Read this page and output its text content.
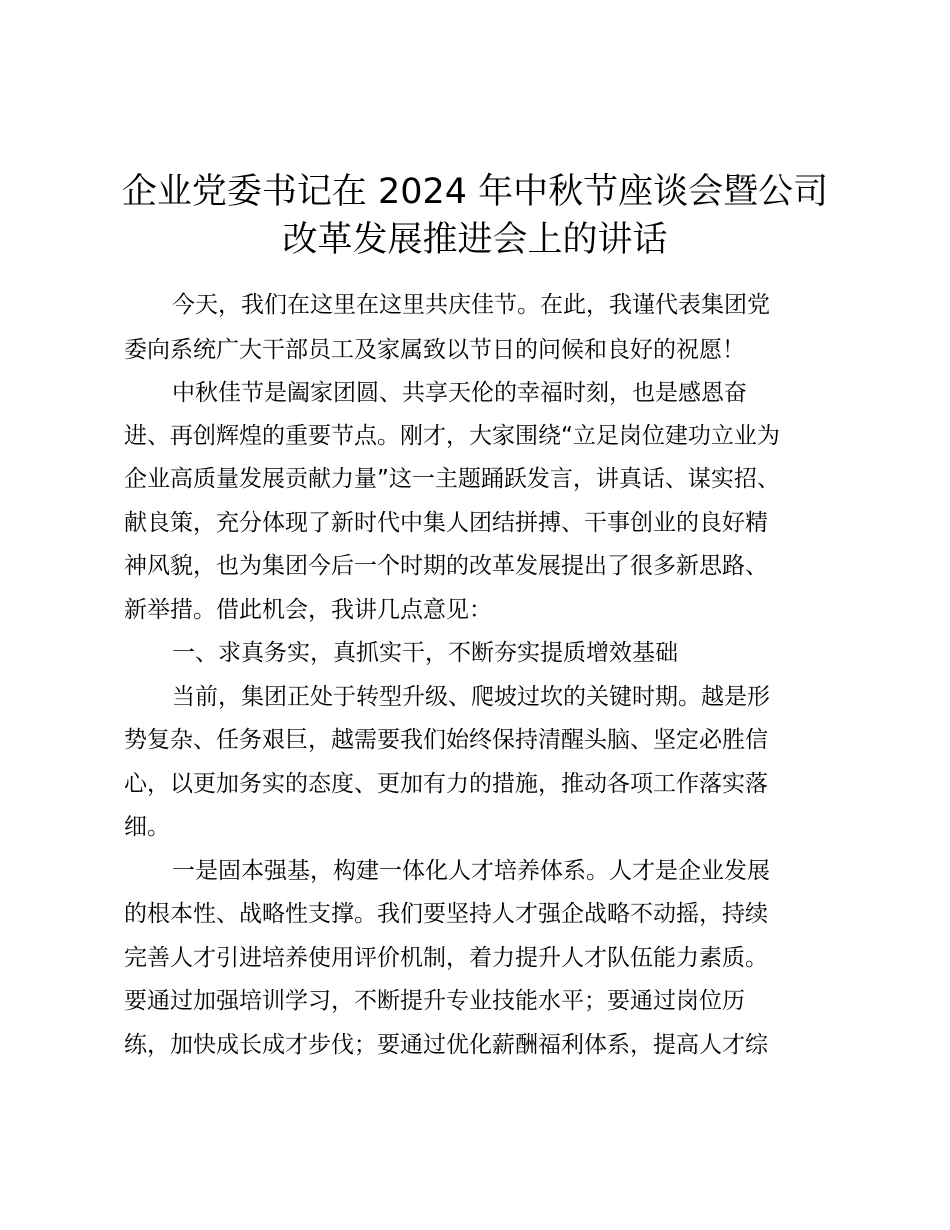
企业党委书记在 2024 年中秋节座谈会暨公司
改革发展推进会上的讲话
今天，我们在这里在这里共庆佳节。在此，我谨代表集团党
委向系统广大干部员工及家属致以节日的问候和良好的祝愿！
中秋佳节是阖家团圆、共享天伦的幸福时刻，也是感恩奋
进、再创辉煌的重要节点。刚才，大家围绕“立足岗位建功立业为
企业高质量发展贡献力量”这一主题踊跃发言，讲真话、谋实招、
献良策，充分体现了新时代中集人团结拼搏、干事创业的良好精
神风貌，也为集团今后一个时期的改革发展提出了很多新思路、
新举措。借此机会，我讲几点意见：
一、求真务实，真抓实干，不断夯实提质增效基础
当前，集团正处于转型升级、爬坡过坎的关键时期。越是形
势复杂、任务艰巨，越需要我们始终保持清醒头脑、坚定必胜信
心，以更加务实的态度、更加有力的措施，推动各项工作落实落
细。
一是固本强基，构建一体化人才培养体系。人才是企业发展
的根本性、战略性支撑。我们要坚持人才强企战略不动摇，持续
完善人才引进培养使用评价机制，着力提升人才队伍能力素质。
要通过加强培训学习，不断提升专业技能水平；要通过岗位历
练，加快成长成才步伐；要通过优化薪酬福利体系，提高人才综
